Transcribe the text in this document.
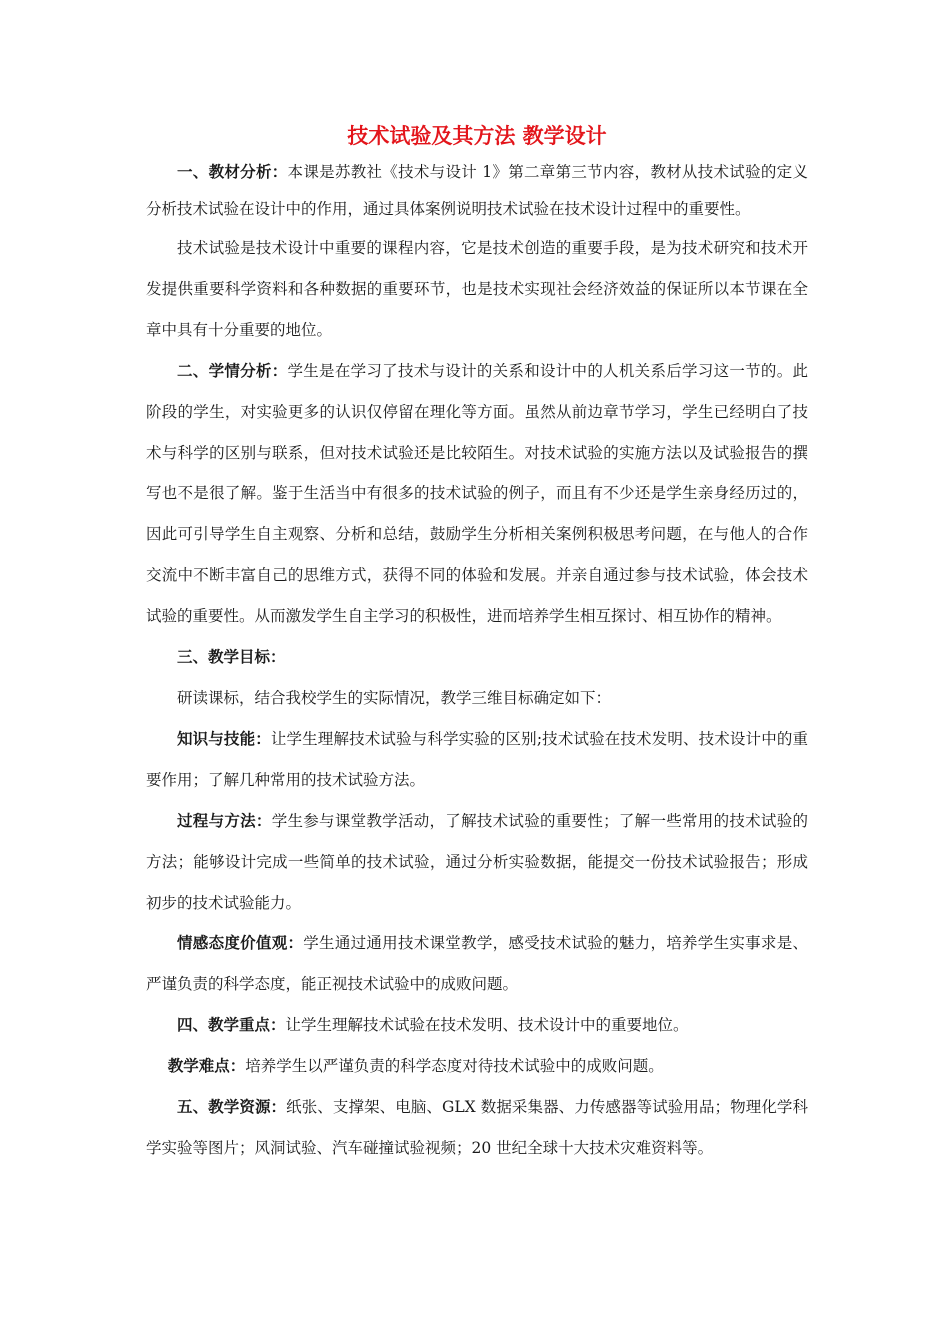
技术试验及其方法 教学设计

一、教材分析：本课是苏教社《技术与设计 1》第二章第三节内容，教材从技术试验的定义分析技术试验在设计中的作用，通过具体案例说明技术试验在技术设计过程中的重要性。

技术试验是技术设计中重要的课程内容，它是技术创造的重要手段，是为技术研究和技术开发提供重要科学资料和各种数据的重要环节，也是技术实现社会经济效益的保证所以本节课在全章中具有十分重要的地位。

二、学情分析：学生是在学习了技术与设计的关系和设计中的人机关系后学习这一节的。此阶段的学生，对实验更多的认识仅停留在理化等方面。虽然从前边章节学习，学生已经明白了技术与科学的区别与联系，但对技术试验还是比较陌生。对技术试验的实施方法以及试验报告的撰写也不是很了解。鉴于生活当中有很多的技术试验的例子，而且有不少还是学生亲身经历过的，因此可引导学生自主观察、分析和总结，鼓励学生分析相关案例积极思考问题，在与他人的合作交流中不断丰富自己的思维方式，获得不同的体验和发展。并亲自通过参与技术试验，体会技术试验的重要性。从而激发学生自主学习的积极性，进而培养学生相互探讨、相互协作的精神。

三、教学目标：

研读课标，结合我校学生的实际情况，教学三维目标确定如下：

知识与技能：让学生理解技术试验与科学实验的区别;技术试验在技术发明、技术设计中的重要作用；了解几种常用的技术试验方法。

过程与方法：学生参与课堂教学活动，了解技术试验的重要性；了解一些常用的技术试验的方法；能够设计完成一些简单的技术试验，通过分析实验数据，能提交一份技术试验报告；形成初步的技术试验能力。

情感态度价值观：学生通过通用技术课堂教学，感受技术试验的魅力，培养学生实事求是、严谨负责的科学态度，能正视技术试验中的成败问题。

四、教学重点：让学生理解技术试验在技术发明、技术设计中的重要地位。

教学难点：培养学生以严谨负责的科学态度对待技术试验中的成败问题。

五、教学资源：纸张、支撑架、电脑、GLX 数据采集器、力传感器等试验用品；物理化学科学实验等图片；风洞试验、汽车碰撞试验视频；20 世纪全球十大技术灾难资料等。
